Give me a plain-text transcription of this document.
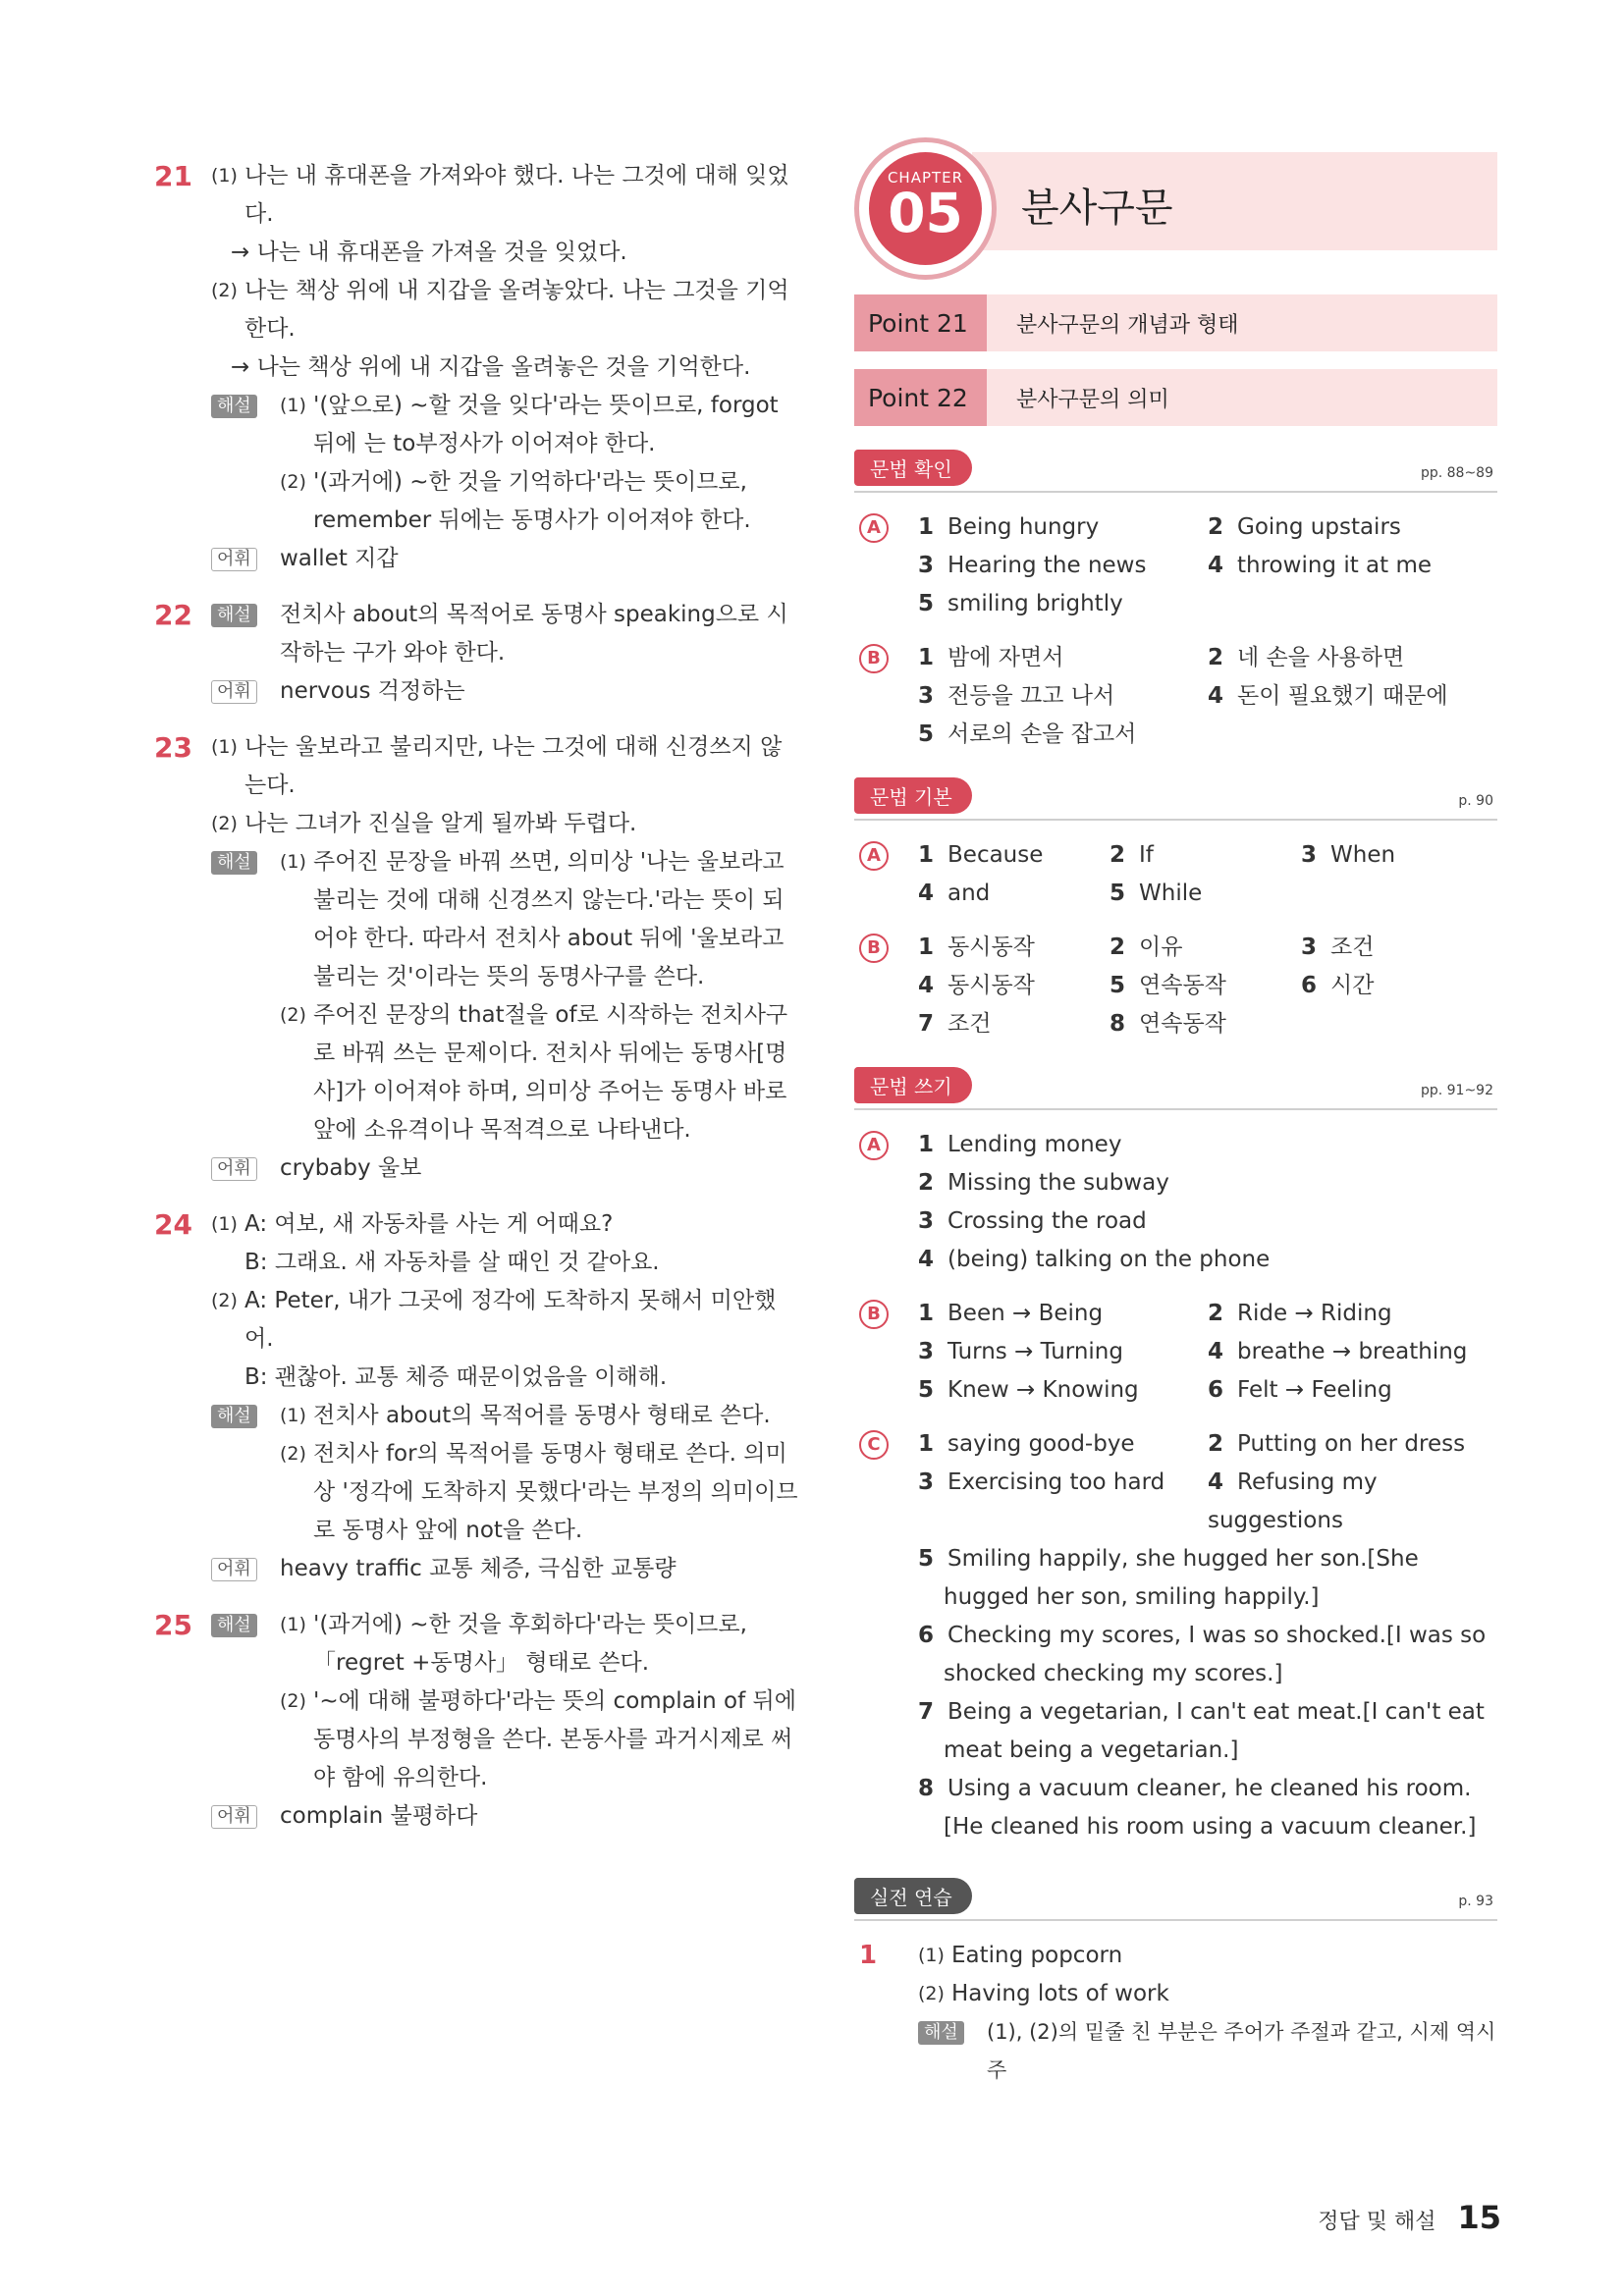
21 (1) 나는 내 휴대폰을 가져와야 했다. 나는 그것에 대해 잊었다.
→ 나는 내 휴대폰을 가져올 것을 잊었다.
(2) 나는 책상 위에 내 지갑을 올려놓았다. 나는 그것을 기억한다.
→ 나는 책상 위에 내 지갑을 올려놓은 것을 기억한다.
해설	(1) '(앞으로) ~할 것을 잊다'라는 뜻이므로, forgot 뒤에 는 to부정사가 이어져야 한다.
(2) '(과거에) ~한 것을 기억하다'라는 뜻이므로, remember 뒤에는 동명사가 이어져야 한다.
어휘	wallet 지갑
22	해설	전치사 about의 목적어로 동명사 speaking으로 시작하는 구가 와야 한다.
어휘	nervous 걱정하는
23 (1) 나는 울보라고 불리지만, 나는 그것에 대해 신경쓰지 않는다.
(2) 나는 그녀가 진실을 알게 될까봐 두렵다.
해설	(1) 주어진 문장을 바꿔 쓰면, 의미상 '나는 울보라고 불리는 것에 대해 신경쓰지 않는다.'라는 뜻이 되어야 한다. 따라서 전치사 about 뒤에 '울보라고 불리는 것'이라는 뜻의 동명사구를 쓴다.
(2) 주어진 문장의 that절을 of로 시작하는 전치사구로 바꿔 쓰는 문제이다. 전치사 뒤에는 동명사[명사]가 이어져야 하며, 의미상 주어는 동명사 바로 앞에 소유격이나 목적격으로 나타낸다.
어휘	crybaby 울보
24 (1) A: 여보, 새 자동차를 사는 게 어때요?
B: 그래요. 새 자동차를 살 때인 것 같아요.
(2) A: Peter, 내가 그곳에 정각에 도착하지 못해서 미안했어.
B: 괜찮아. 교통 체증 때문이었음을 이해해.
해설	(1) 전치사 about의 목적어를 동명사 형태로 쓴다.
(2) 전치사 for의 목적어를 동명사 형태로 쓴다. 의미상 '정각에 도착하지 못했다'라는 부정의 의미이므로 동명사 앞에 not을 쓴다.
어휘	heavy traffic 교통 체증, 극심한 교통량
25	해설	(1) '(과거에) ~한 것을 후회하다'라는 뜻이므로, 「regret +동명사」 형태로 쓴다.
(2) '~에 대해 불평하다'라는 뜻의 complain of 뒤에 동명사의 부정형을 쓴다. 본동사를 과거시제로 써야 함에 유의한다.
어휘	complain 불평하다
CHAPTER
05	분사구문
Point 21	분사구문의 개념과 형태
Point 22	분사구문의 의미
문법 확인	pp. 88~89
A	1 Being hungry	2 Going upstairs
3 Hearing the news	4 throwing it at me
5 smiling brightly
B	1 밤에 자면서	2 네 손을 사용하면
3 전등을 끄고 나서	4 돈이 필요했기 때문에
5 서로의 손을 잡고서
문법 기본	p. 90
A	1 Because	2 If	3 When
4 and	5 While
B	1 동시동작	2 이유	3 조건
4 동시동작	5 연속동작	6 시간
7 조건	8 연속동작
문법 쓰기	pp. 91~92
A	1 Lending money
2 Missing the subway
3 Crossing the road
4 (being) talking on the phone
B	1 Been → Being	2 Ride → Riding
3 Turns → Turning	4 breathe → breathing
5 Knew → Knowing	6 Felt → Feeling
C	1 saying good-bye	2 Putting on her dress
3 Exercising too hard	4 Refusing my suggestions
5 Smiling happily, she hugged her son.[She hugged her son, smiling happily.]
6 Checking my scores, I was so shocked.[I was so shocked checking my scores.]
7 Being a vegetarian, I can't eat meat.[I can't eat meat being a vegetarian.]
8 Using a vacuum cleaner, he cleaned his room.[He cleaned his room using a vacuum cleaner.]
실전 연습	p. 93
1 (1) Eating popcorn
(2) Having lots of work
해설	(1), (2)의 밑줄 친 부분은 주어가 주절과 같고, 시제 역시 주
정답 및 해설 15
